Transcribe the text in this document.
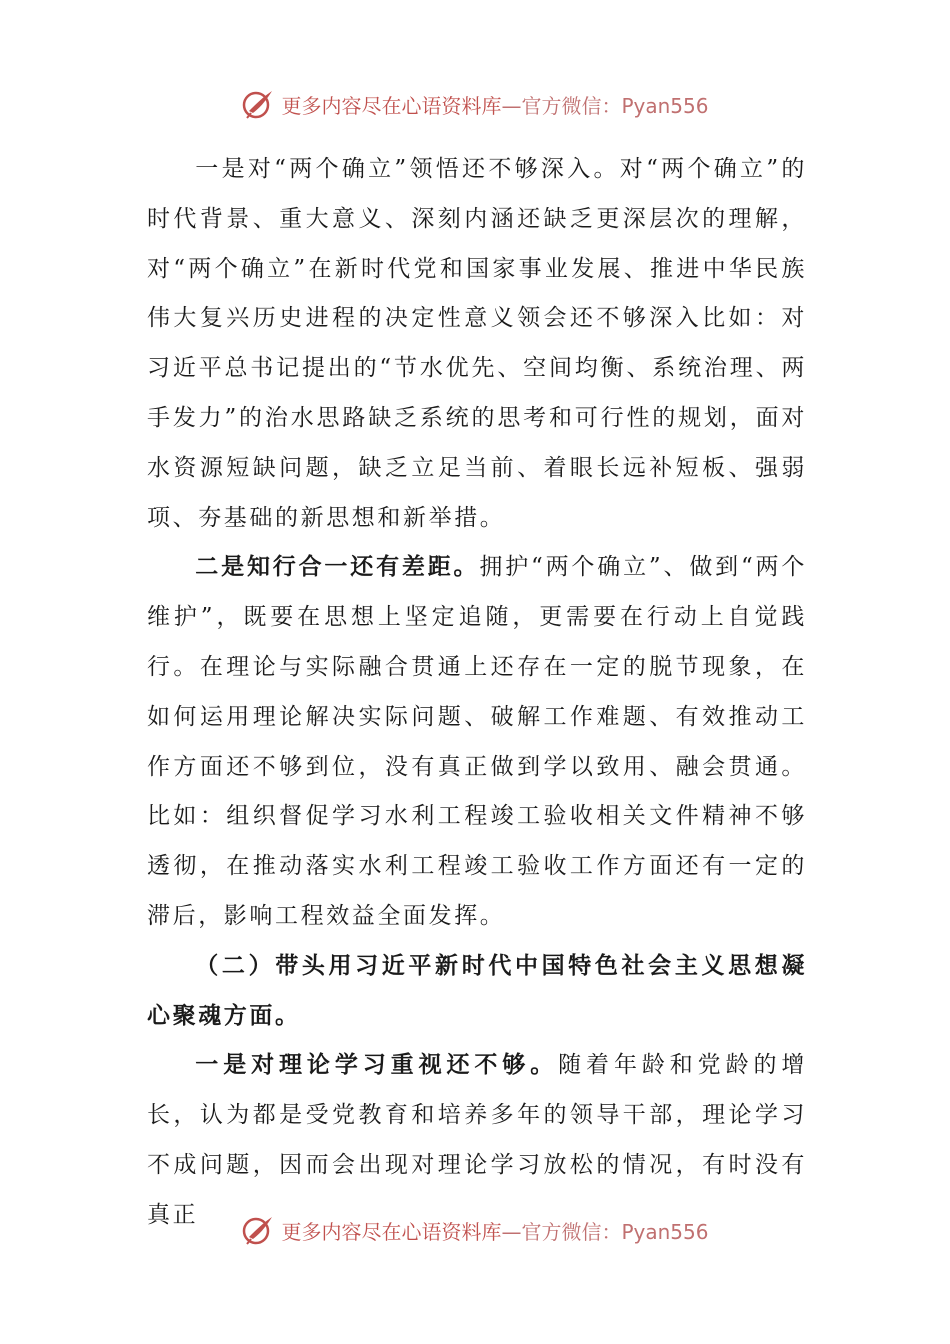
更多内容尽在心语资料库—官方微信：Pyan556

一是对“两个确立”领悟还不够深入。对“两个确立”的时代背景、重大意义、深刻内涵还缺乏更深层次的理解，对“两个确立”在新时代党和国家事业发展、推进中华民族伟大复兴历史进程的决定性意义领会还不够深入比如：对习近平总书记提出的“节水优先、空间均衡、系统治理、两手发力”的治水思路缺乏系统的思考和可行性的规划，面对水资源短缺问题，缺乏立足当前、着眼长远补短板、强弱项、夯基础的新思想和新举措。

二是知行合一还有差距。拥护“两个确立”、做到“两个维护”，既要在思想上坚定追随，更需要在行动上自觉践行。在理论与实际融合贯通上还存在一定的脱节现象，在如何运用理论解决实际问题、破解工作难题、有效推动工作方面还不够到位，没有真正做到学以致用、融会贯通。比如：组织督促学习水利工程竣工验收相关文件精神不够透彻，在推动落实水利工程竣工验收工作方面还有一定的滞后，影响工程效益全面发挥。

（二）带头用习近平新时代中国特色社会主义思想凝心聚魂方面。

一是对理论学习重视还不够。随着年龄和党龄的增长，认为都是受党教育和培养多年的领导干部，理论学习不成问题，因而会出现对理论学习放松的情况，有时没有真正

更多内容尽在心语资料库—官方微信：Pyan556
